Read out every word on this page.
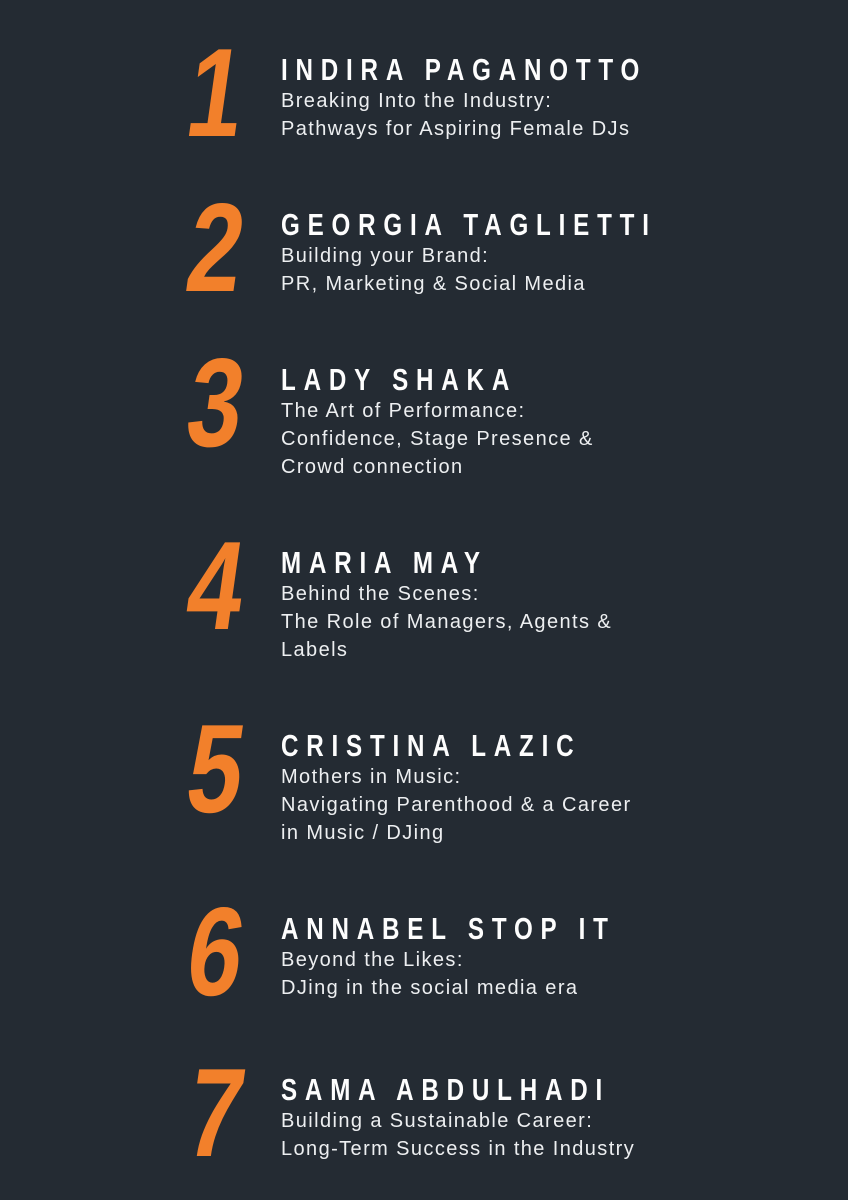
1 INDIRA PAGANOTTO
Breaking Into the Industry:
Pathways for Aspiring Female DJs
2 GEORGIA TAGLIETTI
Building your Brand:
PR, Marketing & Social Media
3 LADY SHAKA
The Art of Performance:
Confidence, Stage Presence &
Crowd connection
4 MARIA MAY
Behind the Scenes:
The Role of Managers, Agents &
Labels
5 CRISTINA LAZIC
Mothers in Music:
Navigating Parenthood & a Career
in Music / DJing
6 ANNABEL STOP IT
Beyond the Likes:
DJing in the social media era
7 SAMA ABDULHADI
Building a Sustainable Career:
Long-Term Success in the Industry
